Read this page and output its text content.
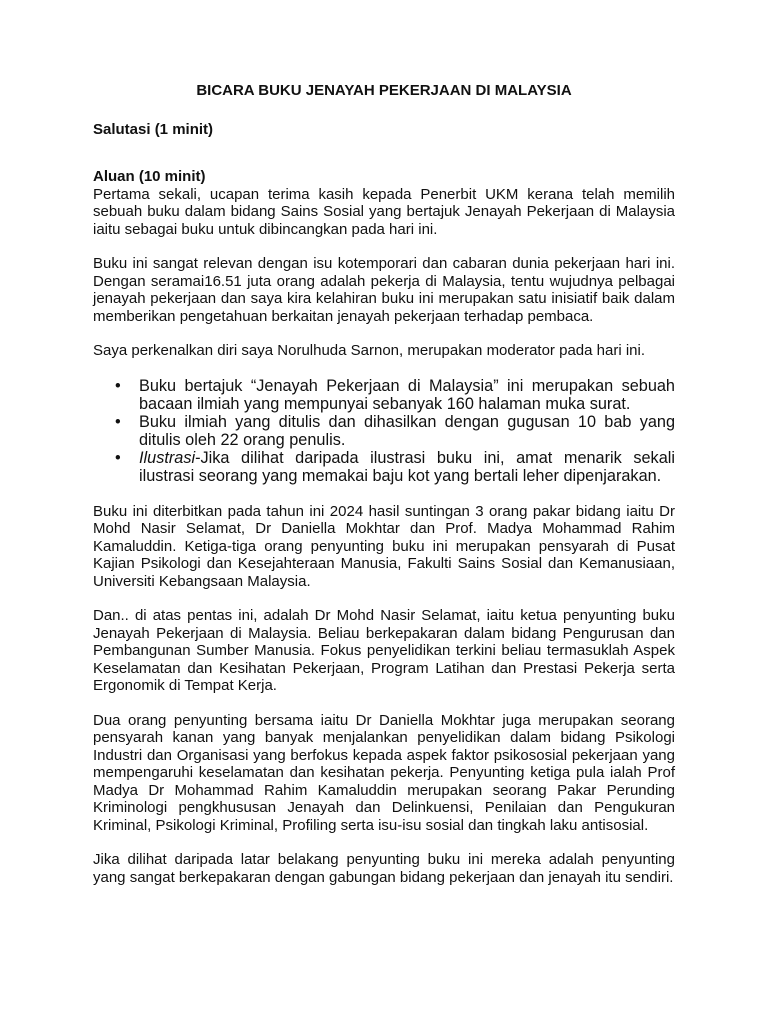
BICARA BUKU JENAYAH PEKERJAAN DI MALAYSIA
Salutasi (1 minit)
Aluan (10 minit)

Pertama sekali, ucapan terima kasih kepada Penerbit UKM kerana telah memilih sebuah buku dalam bidang Sains Sosial yang bertajuk Jenayah Pekerjaan di Malaysia iaitu sebagai buku untuk dibincangkan pada hari ini.

Buku ini sangat relevan dengan isu kotemporari dan cabaran dunia pekerjaan hari ini. Dengan seramai16.51 juta orang adalah pekerja di Malaysia, tentu wujudnya pelbagai jenayah pekerjaan dan saya kira kelahiran buku ini merupakan satu inisiatif baik dalam memberikan pengetahuan berkaitan jenayah pekerjaan terhadap pembaca.

Saya perkenalkan diri saya Norulhuda Sarnon, merupakan moderator pada hari ini.

• Buku bertajuk “Jenayah Pekerjaan di Malaysia” ini merupakan sebuah bacaan ilmiah yang mempunyai sebanyak 160 halaman muka surat.
• Buku ilmiah yang ditulis dan dihasilkan dengan gugusan 10 bab yang ditulis oleh 22 orang penulis.
• Ilustrasi-Jika dilihat daripada ilustrasi buku ini, amat menarik sekali ilustrasi seorang yang memakai baju kot yang bertali leher dipenjarakan.

Buku ini diterbitkan pada tahun ini 2024 hasil suntingan 3 orang pakar bidang iaitu Dr Mohd Nasir Selamat, Dr Daniella Mokhtar dan Prof. Madya Mohammad Rahim Kamaluddin. Ketiga-tiga orang penyunting buku ini merupakan pensyarah di Pusat Kajian Psikologi dan Kesejahteraan Manusia, Fakulti Sains Sosial dan Kemanusiaan, Universiti Kebangsaan Malaysia.

Dan.. di atas pentas ini, adalah Dr Mohd Nasir Selamat, iaitu ketua penyunting buku Jenayah Pekerjaan di Malaysia. Beliau berkepakaran dalam bidang Pengurusan dan Pembangunan Sumber Manusia. Fokus penyelidikan terkini beliau termasuklah Aspek Keselamatan dan Kesihatan Pekerjaan, Program Latihan dan Prestasi Pekerja serta Ergonomik di Tempat Kerja.

Dua orang penyunting bersama iaitu Dr Daniella Mokhtar juga merupakan seorang pensyarah kanan yang banyak menjalankan penyelidikan dalam bidang Psikologi Industri dan Organisasi yang berfokus kepada aspek faktor psikososial pekerjaan yang mempengaruhi keselamatan dan kesihatan pekerja. Penyunting ketiga pula ialah Prof Madya Dr Mohammad Rahim Kamaluddin merupakan seorang Pakar Perunding Kriminologi pengkhususan Jenayah dan Delinkuensi, Penilaian dan Pengukuran Kriminal, Psikologi Kriminal, Profiling serta isu-isu sosial dan tingkah laku antisosial.

Jika dilihat daripada latar belakang penyunting buku ini mereka adalah penyunting yang sangat berkepakaran dengan gabungan bidang pekerjaan dan jenayah itu sendiri.
